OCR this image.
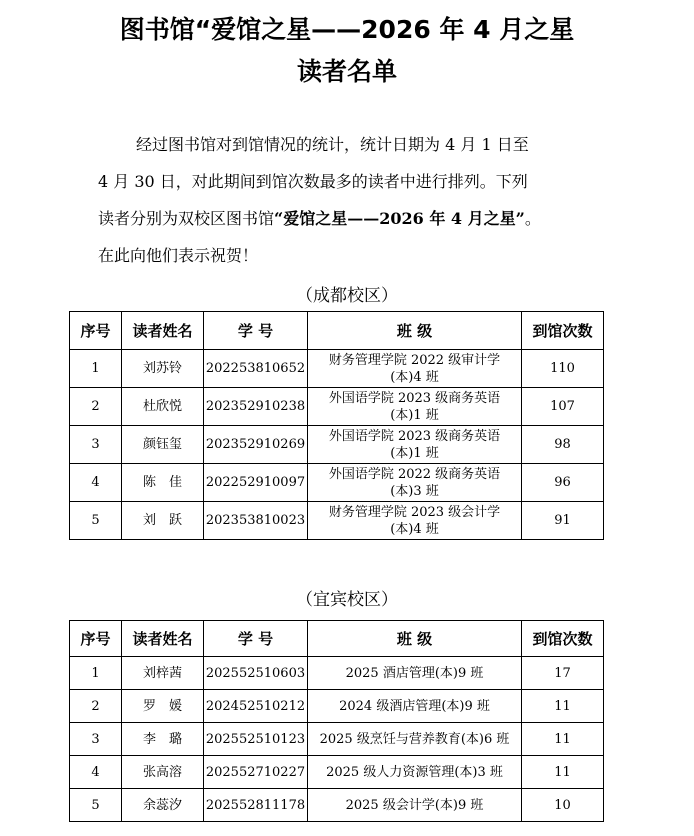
图书馆“爱馆之星——2026 年 4 月之星
读者名单
经过图书馆对到馆情况的统计，统计日期为 4 月 1 日至
4 月 30 日，对此期间到馆次数最多的读者中进行排列。下列
读者分别为双校区图书馆“爱馆之星——2026 年 4 月之星”。
在此向他们表示祝贺！
（成都校区）
序号	读者姓名	学 号	班 级	到馆次数
1	刘苏铃	202253810652	财务管理学院 2022 级审计学
(本)4 班	110
2	杜欣悦	202352910238	外国语学院 2023 级商务英语
(本)1 班	107
3	颜钰玺	202352910269	外国语学院 2023 级商务英语
(本)1 班	98
4	陈　佳	202252910097	外国语学院 2022 级商务英语
(本)3 班	96
5	刘　跃	202353810023	财务管理学院 2023 级会计学
(本)4 班	91
（宜宾校区）
序号	读者姓名	学 号	班 级	到馆次数
1	刘梓茜	202552510603	2025 酒店管理(本)9 班	17
2	罗　媛	202452510212	2024 级酒店管理(本)9 班	11
3	李　璐	202552510123	2025 级烹饪与营养教育(本)6 班	11
4	张高溶	202552710227	2025 级人力资源管理(本)3 班	11
5	余蕊汐	202552811178	2025 级会计学(本)9 班	10
